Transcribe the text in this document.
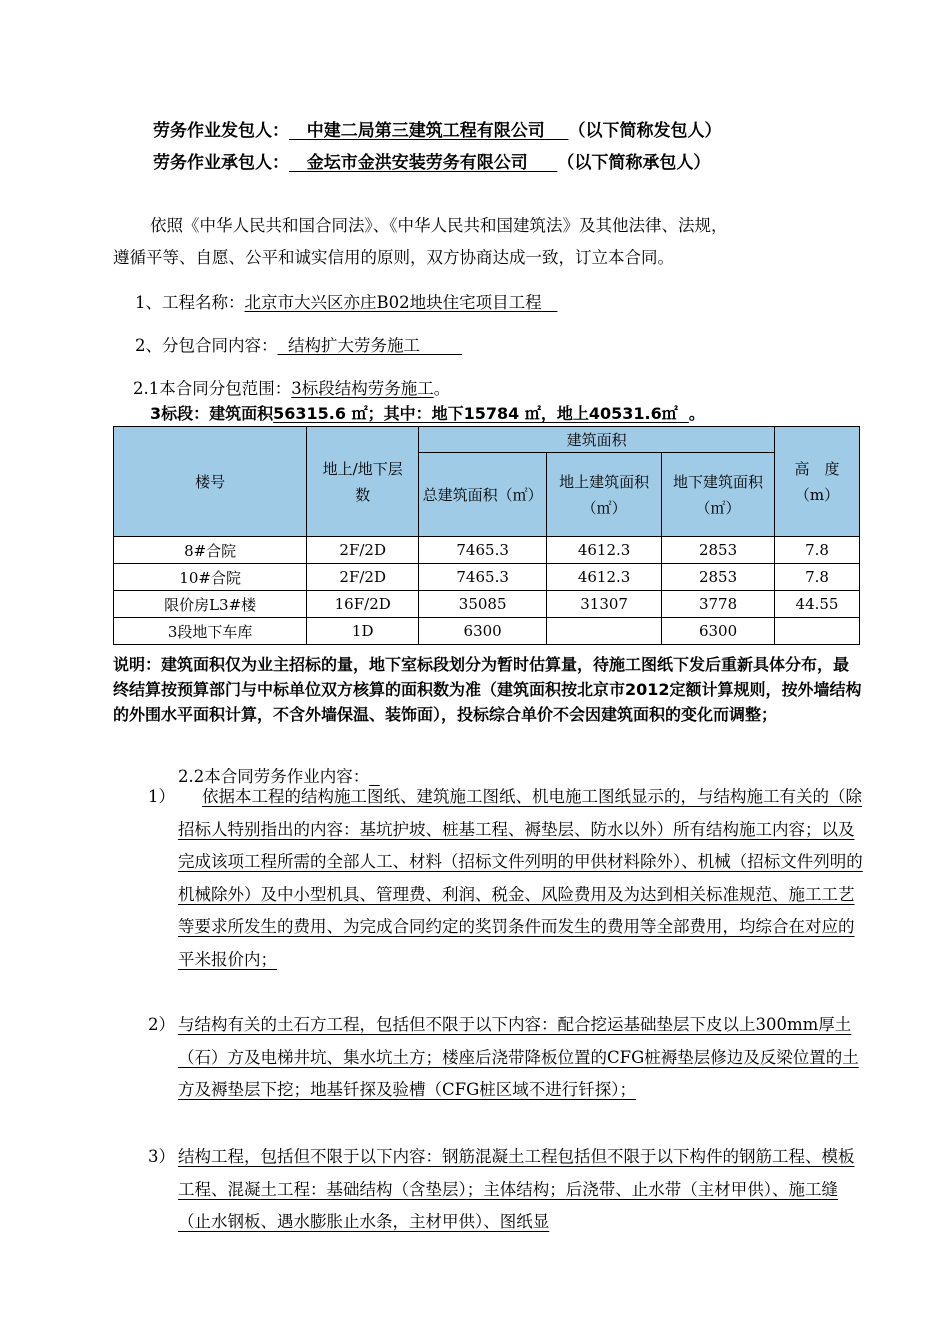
劳务作业发包人： 中建二局第三建筑工程有限公司 （以下简称发包人）
劳务作业承包人： 金坛市金洪安装劳务有限公司 （以下简称承包人）
依照《中华人民共和国合同法》、《中华人民共和国建筑法》及其他法律、法规，
遵循平等、自愿、公平和诚实信用的原则，双方协商达成一致，订立本合同。
1、工程名称：北京市大兴区亦庄B02地块住宅项目工程
2、分包合同内容： 结构扩大劳务施工
2.1本合同分包范围：3标段结构劳务施工。
3标段：建筑面积56315.6 ㎡；其中：地下15784 ㎡，地上40531.6㎡ 。
楼号	地上/地下层数	建筑面积			高　度（m）
		总建筑面积（㎡）	地上建筑面积（㎡）	地下建筑面积（㎡）	
8#合院	2F/2D	7465.3	4612.3	2853	7.8
10#合院	2F/2D	7465.3	4612.3	2853	7.8
限价房L3#楼	16F/2D	35085	31307	3778	44.55
3段地下车库	1D	6300		6300	
说明：建筑面积仅为业主招标的量，地下室标段划分为暂时估算量，待施工图纸下发后重新具体分布，最终结算按预算部门与中标单位双方核算的面积数为准（建筑面积按北京市2012定额计算规则，按外墙结构的外围水平面积计算，不含外墙保温、装饰面），投标综合单价不会因建筑面积的变化而调整；
2.2本合同劳务作业内容：
1）	依据本工程的结构施工图纸、建筑施工图纸、机电施工图纸显示的，与结构施工有关的（除招标人特别指出的内容：基坑护坡、桩基工程、褥垫层、防水以外）所有结构施工内容；以及完成该项工程所需的全部人工、材料（招标文件列明的甲供材料除外）、机械（招标文件列明的机械除外）及中小型机具、管理费、利润、税金、风险费用及为达到相关标准规范、施工工艺等要求所发生的费用、为完成合同约定的奖罚条件而发生的费用等全部费用，均综合在对应的平米报价内；
2） 与结构有关的土石方工程，包括但不限于以下内容：配合挖运基础垫层下皮以上300mm厚土（石）方及电梯井坑、集水坑土方；楼座后浇带降板位置的CFG桩褥垫层修边及反梁位置的土方及褥垫层下挖；地基钎探及验槽（CFG桩区域不进行钎探）；
3） 结构工程，包括但不限于以下内容：钢筋混凝土工程包括但不限于以下构件的钢筋工程、模板工程、混凝土工程：基础结构（含垫层）；主体结构；后浇带、止水带（主材甲供）、施工缝（止水钢板、遇水膨胀止水条，主材甲供）、图纸显
